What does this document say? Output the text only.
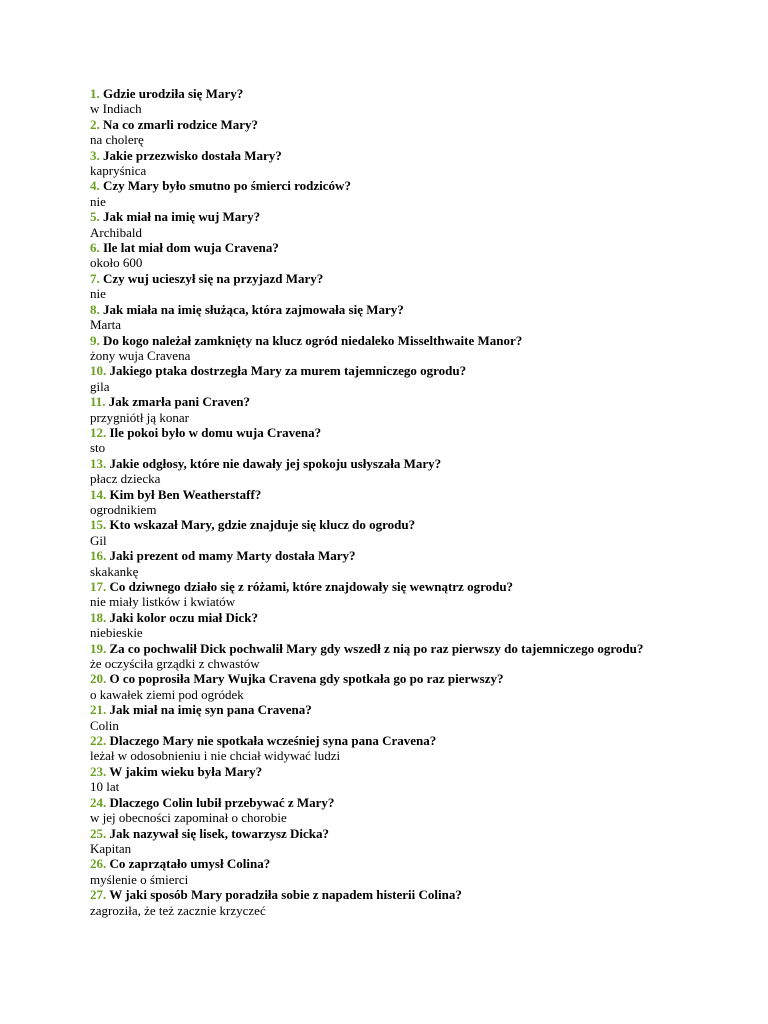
1. Gdzie urodziła się Mary?
w Indiach
2. Na co zmarli rodzice Mary?
na cholerę
3. Jakie przezwisko dostała Mary?
kapryśnica
4. Czy Mary było smutno po śmierci rodziców?
nie
5. Jak miał na imię wuj Mary?
Archibald
6. Ile lat miał dom wuja Cravena?
około 600
7. Czy wuj ucieszył się na przyjazd Mary?
nie
8. Jak miała na imię służąca, która zajmowała się Mary?
Marta
9. Do kogo należał zamknięty na klucz ogród niedaleko Misselthwaite Manor?
żony wuja Cravena
10. Jakiego ptaka dostrzegła Mary za murem tajemniczego ogrodu?
gila
11. Jak zmarła pani Craven?
przygniótł ją konar
12. Ile pokoi było w domu wuja Cravena?
sto
13. Jakie odgłosy, które nie dawały jej spokoju usłyszała Mary?
płacz dziecka
14. Kim był Ben Weatherstaff?
ogrodnikiem
15. Kto wskazał Mary, gdzie znajduje się klucz do ogrodu?
Gil
16. Jaki prezent od mamy Marty dostała Mary?
skakankę
17. Co dziwnego działo się z różami, które znajdowały się wewnątrz ogrodu?
nie miały listków i kwiatów
18. Jaki kolor oczu miał Dick?
niebieskie
19. Za co pochwalił Dick pochwalił Mary gdy wszedł z nią po raz pierwszy do tajemniczego ogrodu?
że oczyściła grządki z chwastów
20. O co poprosiła Mary Wujka Cravena gdy spotkała go po raz pierwszy?
o kawałek ziemi pod ogródek
21. Jak miał na imię syn pana Cravena?
Colin
22. Dlaczego Mary nie spotkała wcześniej syna pana Cravena?
leżał w odosobnieniu i nie chciał widywać ludzi
23. W jakim wieku była Mary?
10 lat
24. Dlaczego Colin lubił przebywać z Mary?
w jej obecności zapominał o chorobie
25. Jak nazywał się lisek, towarzysz Dicka?
Kapitan
26. Co zaprzątało umysł Colina?
myślenie o śmierci
27. W jaki sposób Mary poradziła sobie z napadem histerii Colina?
zagroziła, że też zacznie krzyczeć
